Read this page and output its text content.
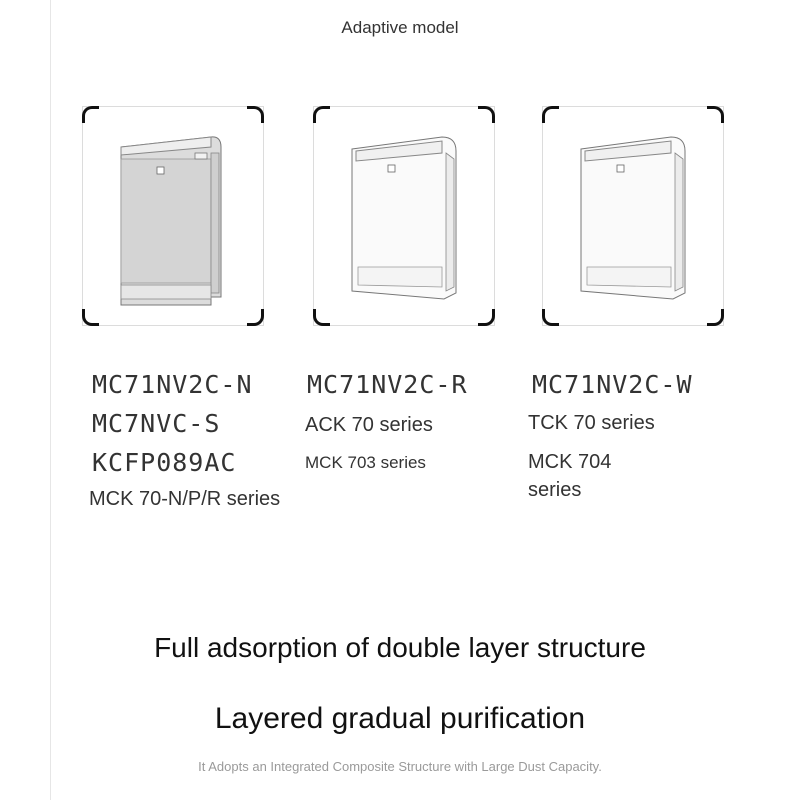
Adaptive model
MC71NV2C-N
MC7NVC-S
KCFP089AC
MCK 70-N/P/R series
MC71NV2C-R
ACK 70 series
MCK 703 series
MC71NV2C-W
TCK 70 series
MCK 704
series
Full adsorption of double layer structure
Layered gradual purification
It Adopts an Integrated Composite Structure with Large Dust Capacity.
